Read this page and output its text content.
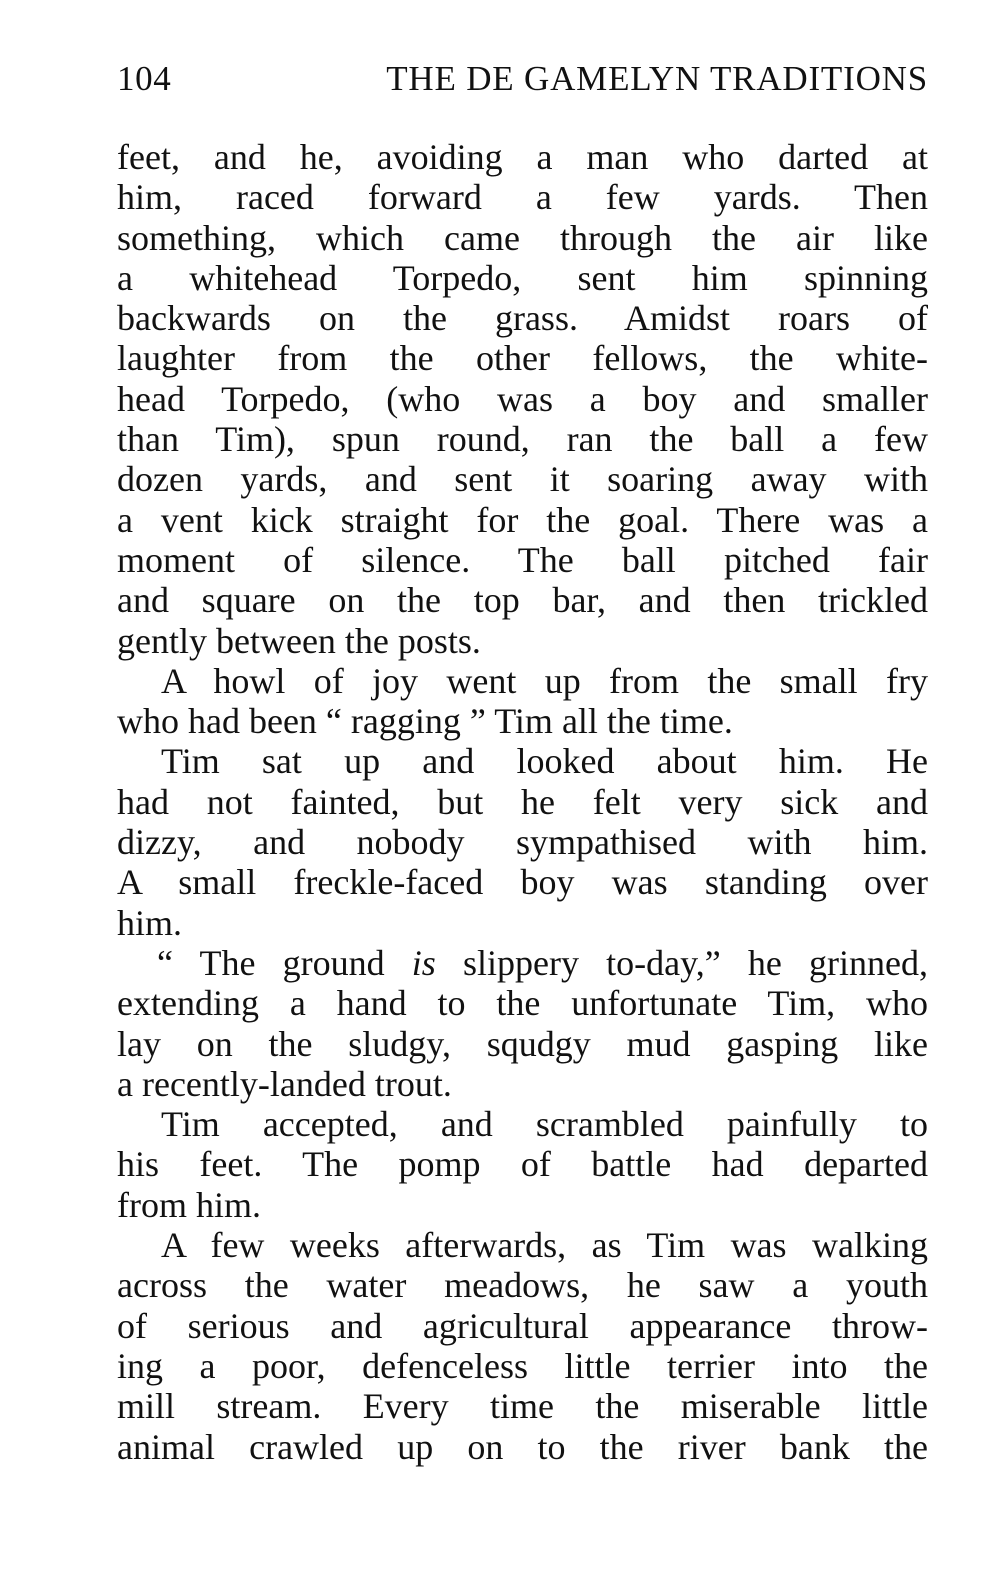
104	THE DE GAMELYN TRADITIONS
feet, and he, avoiding a man who darted at
him, raced forward a few yards. Then
something, which came through the air like
a whitehead Torpedo, sent him spinning
backwards on the grass. Amidst roars of
laughter from the other fellows, the white-
head Torpedo, (who was a boy and smaller
than Tim), spun round, ran the ball a few
dozen yards, and sent it soaring away with
a vent kick straight for the goal. There was a
moment of silence. The ball pitched fair
and square on the top bar, and then trickled
gently between the posts.
A howl of joy went up from the small fry
who had been “ ragging ” Tim all the time.
Tim sat up and looked about him. He
had not fainted, but he felt very sick and
dizzy, and nobody sympathised with him.
A small freckle-faced boy was standing over
him.
“ The ground is slippery to-day,” he grinned,
extending a hand to the unfortunate Tim, who
lay on the sludgy, squdgy mud gasping like
a recently-landed trout.
Tim accepted, and scrambled painfully to
his feet. The pomp of battle had departed
from him.
A few weeks afterwards, as Tim was walking
across the water meadows, he saw a youth
of serious and agricultural appearance throw-
ing a poor, defenceless little terrier into the
mill stream. Every time the miserable little
animal crawled up on to the river bank the
